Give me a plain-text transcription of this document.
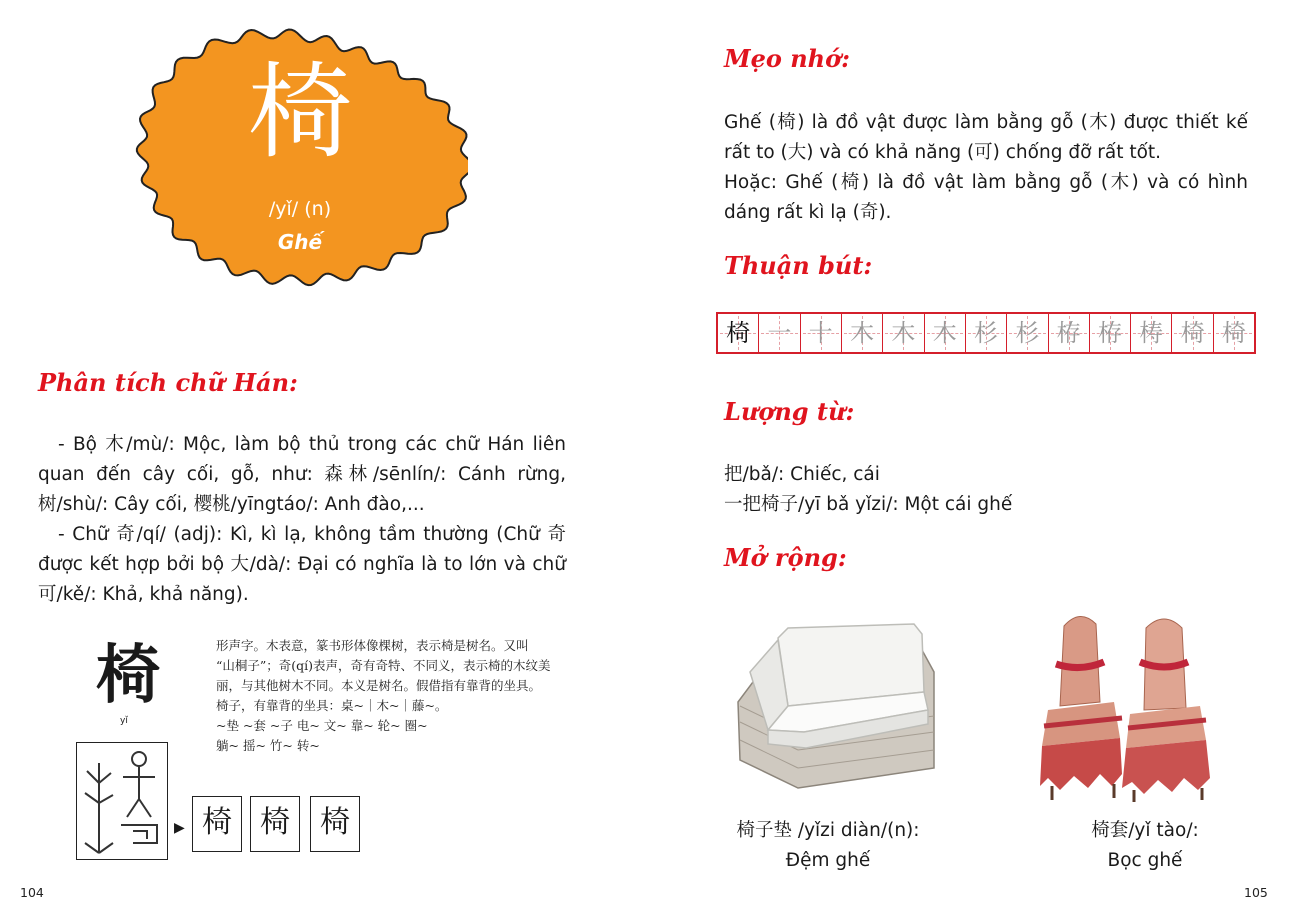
椅
/yǐ/ (n)
Ghế
Phân tích chữ Hán:

- Bộ 木/mù/: Mộc, làm bộ thủ trong các chữ Hán liên quan đến cây cối, gỗ, như: 森林/sēnlín/: Cánh rừng, 树/shù/: Cây cối, 樱桃/yīngtáo/: Anh đào,...

- Chữ 奇/qí/ (adj): Kì, kì lạ, không tầm thường (Chữ 奇 được kết hợp bởi bộ 大/dà/: Đại có nghĩa là to lớn và chữ 可/kě/: Khả, khả năng).

椅
yǐ
形声字。木表意，篆书形体像棵树，表示椅是树名。又叫
“山桐子”；奇(qí)表声，奇有奇特、不同义，表示椅的木纹美
丽，与其他树木不同。本义是树名。假借指有靠背的坐具。
椅子，有靠背的坐具：桌~｜木~｜藤~。
~垫 ~套 ~子 电~ 文~ 靠~ 轮~ 圈~
躺~ 摇~ 竹~ 转~
▶ 椅 椅	椅
104
Mẹo nhớ:
Ghế (椅) là đồ vật được làm bằng gỗ (木) được thiết kế rất to (大) và có khả năng (可) chống đỡ rất tốt.
Hoặc: Ghế (椅) là đồ vật làm bằng gỗ (木) và có hình dáng rất kì lạ (奇).
Thuận bút:
椅 一 十 木 木 木 杉 杉 栫 栫 梼 椅 椅
Lượng từ:
把/bǎ/: Chiếc, cái
一把椅子/yī bǎ yǐzi/: Một cái ghế
Mở rộng:
椅子垫 /yǐzi diàn/(n):
Đệm ghế
椅套/yǐ tào/:
Bọc ghế
105
